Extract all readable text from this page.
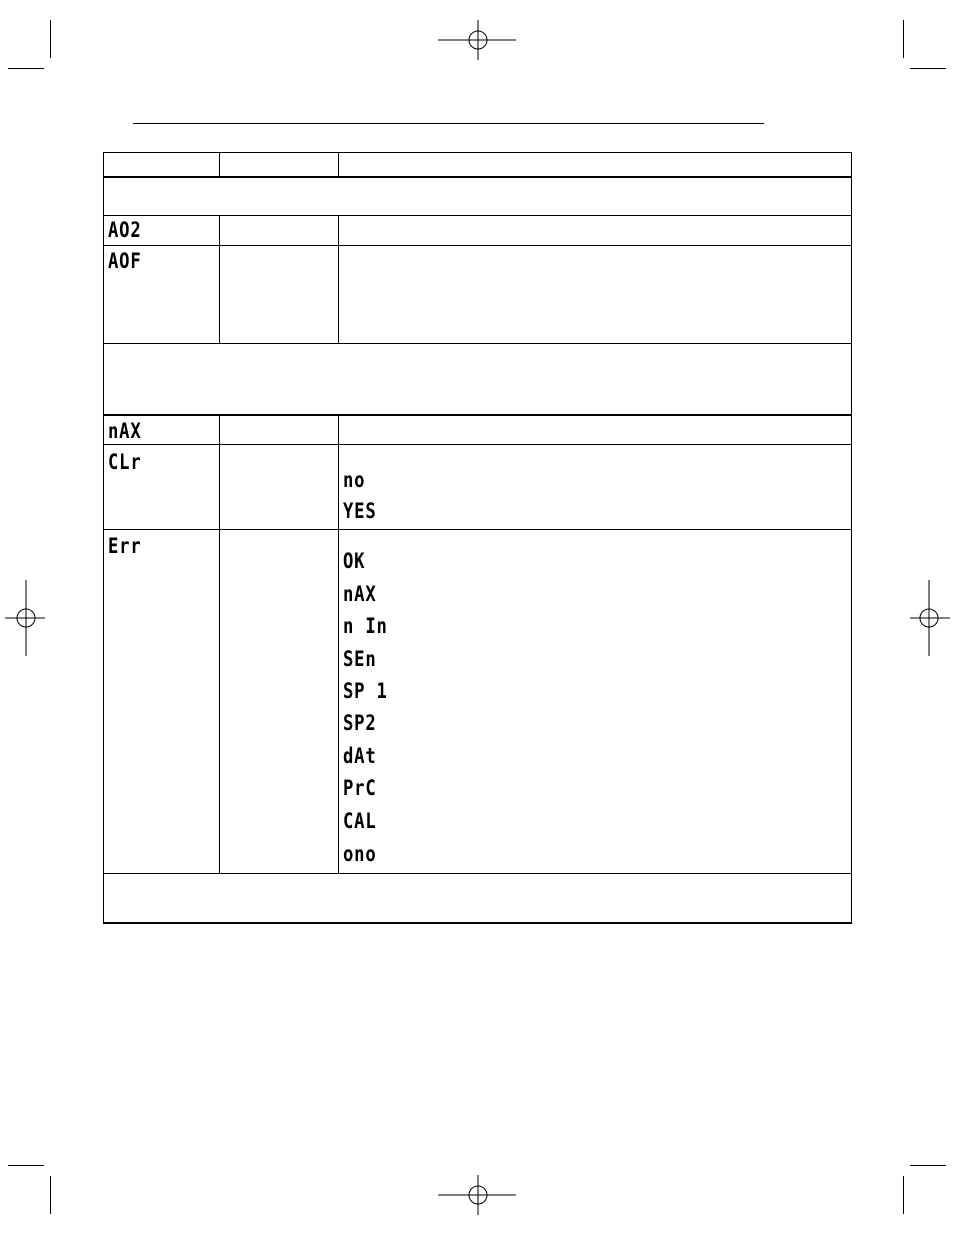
AO2
AOF
nAX
CLr
Err
no
YES
OK
nAX
n In
SEn
SP 1
SP2
dAt
PrC
CAL
ono
